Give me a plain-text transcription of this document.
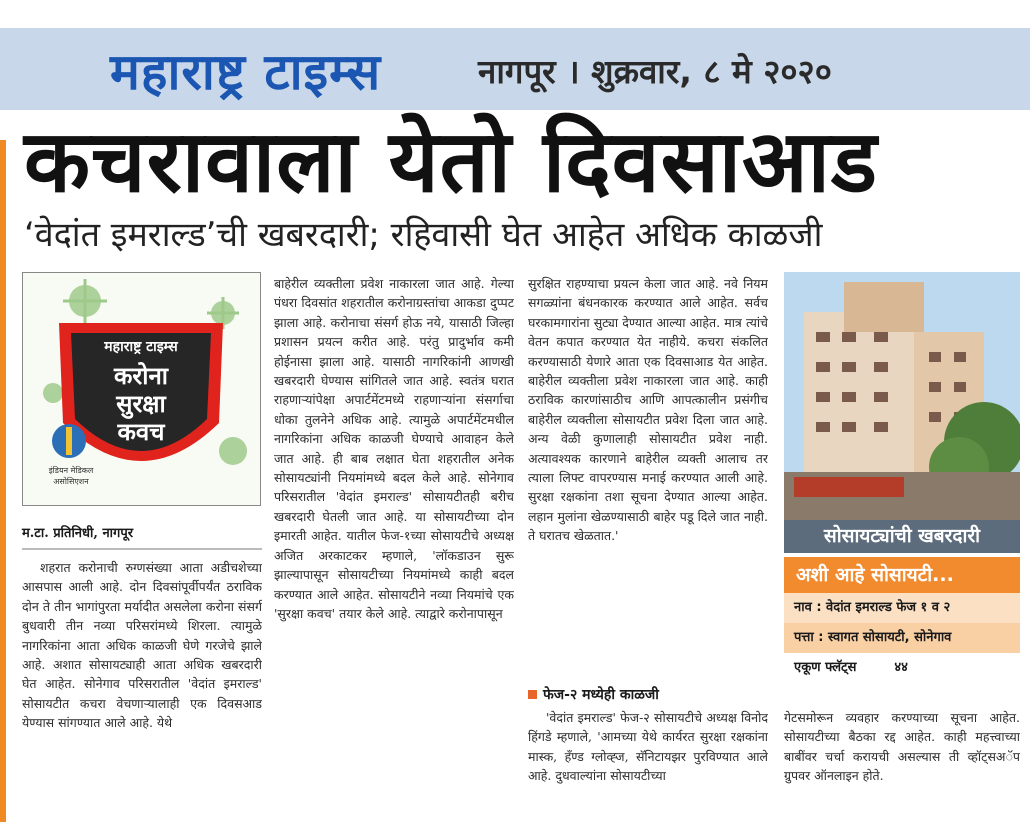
महाराष्ट्र टाइम्स	नागपूर । शुक्रवार, ८ मे २०२०
कचरावाला येतो दिवसाआड
‘वेदांत इमराल्ड’ची खबरदारी; रहिवासी घेत आहेत अधिक काळजी
महाराष्ट्र टाइम्स
करोना
सुरक्षा
कवच
इंडियन मेडिकल असोसिएशन
म.टा. प्रतिनिधी, नागपूर

शहरात करोनाची रुग्णसंख्या आता अडीचशेच्या आसपास आली आहे. दोन दिवसांपूर्वीपर्यंत ठराविक दोन ते तीन भागांपुरता मर्यादीत असलेला करोना संसर्ग बुधवारी तीन नव्या परिसरांमध्ये शिरला. त्यामुळे नागरिकांना आता अधिक काळजी घेणे गरजेचे झाले आहे. अशात सोसायट्याही आता अधिक खबरदारी घेत आहेत. सोनेगाव परिसरातील 'वेदांत इमराल्ड' सोसायटीत कचरा वेचणाऱ्यालाही एक दिवसआड येण्यास सांगण्यात आले आहे. येथे

बाहेरील व्यक्तीला प्रवेश नाकारला जात आहे. गेल्या पंधरा दिवसांत शहरातील करोनाग्रस्तांचा आकडा दुप्पट झाला आहे. करोनाचा संसर्ग होऊ नये, यासाठी जिल्हा प्रशासन प्रयत्न करीत आहे. परंतु प्रादुर्भाव कमी होईनासा झाला आहे. यासाठी नागरिकांनी आणखी खबरदारी घेण्यास सांगितले जात आहे. स्वतंत्र घरात राहणाऱ्यांपेक्षा अपार्टमेंटमध्ये राहणाऱ्यांना संसर्गाचा धोका तुलनेने अधिक आहे. त्यामुळे अपार्टमेंटमधील नागरिकांना अधिक काळजी घेण्याचे आवाहन केले जात आहे. ही बाब लक्षात घेता शहरातील अनेक सोसायट्यांनी नियमांमध्ये बदल केले आहे. सोनेगाव परिसरातील 'वेदांत इमराल्ड' सोसायटीतही बरीच खबरदारी घेतली जात आहे. या सोसायटीच्या दोन इमारती आहेत. यातील फेज-१च्या सोसायटीचे अध्यक्ष अजित अरकाटकर म्हणाले, 'लॉकडाउन सुरू झाल्यापासून सोसायटीच्या नियमांमध्ये काही बदल करण्यात आले आहेत. सोसायटीने नव्या नियमांचे एक 'सुरक्षा कवच' तयार केले आहे. त्याद्वारे करोनापासून

सुरक्षित राहण्याचा प्रयत्न केला जात आहे. नवे नियम सगळ्यांना बंधनकारक करण्यात आले आहेत. सर्वच घरकामगारांना सुट्या देण्यात आल्या आहेत. मात्र त्यांचे वेतन कपात करण्यात येत नाहीये. कचरा संकलित करण्यासाठी येणारे आता एक दिवसाआड येत आहेत. बाहेरील व्यक्तीला प्रवेश नाकारला जात आहे. काही ठराविक कारणांसाठीच आणि आपत्कालीन प्रसंगीच बाहेरील व्यक्तीला सोसायटीत प्रवेश दिला जात आहे. अन्य वेळी कुणालाही सोसायटीत प्रवेश नाही. अत्यावश्यक कारणाने बाहेरील व्यक्ती आलाच तर त्याला लिफ्ट वापरण्यास मनाई करण्यात आली आहे. सुरक्षा रक्षकांना तशा सूचना देण्यात आल्या आहेत. लहान मुलांना खेळण्यासाठी बाहेर पडू दिले जात नाही. ते घरातच खेळतात.'

फेज-२ मध्येही काळजी

'वेदांत इमराल्ड' फेज-२ सोसायटीचे अध्यक्ष विनोद हिंगडे म्हणाले, 'आमच्या येथे कार्यरत सुरक्षा रक्षकांना मास्क, हँण्ड ग्लोव्ह्ज, सॅनिटायझर पुरविण्यात आले आहे. दुधवाल्यांना सोसायटीच्या

सोसायट्यांची खबरदारी
अशी आहे सोसायटी...
नाव : वेदांत इमराल्ड फेज १ व २
पत्ता : स्वागत सोसायटी, सोनेगाव
एकूण फ्लॅट्स	४४

गेटसमोरून व्यवहार करण्याच्या सूचना आहेत. सोसायटीच्या बैठका रद्द आहेत. काही महत्त्वाच्या बाबींवर चर्चा करायची असल्यास ती व्हॉट्सअॅप ग्रुपवर ऑनलाइन होते.
